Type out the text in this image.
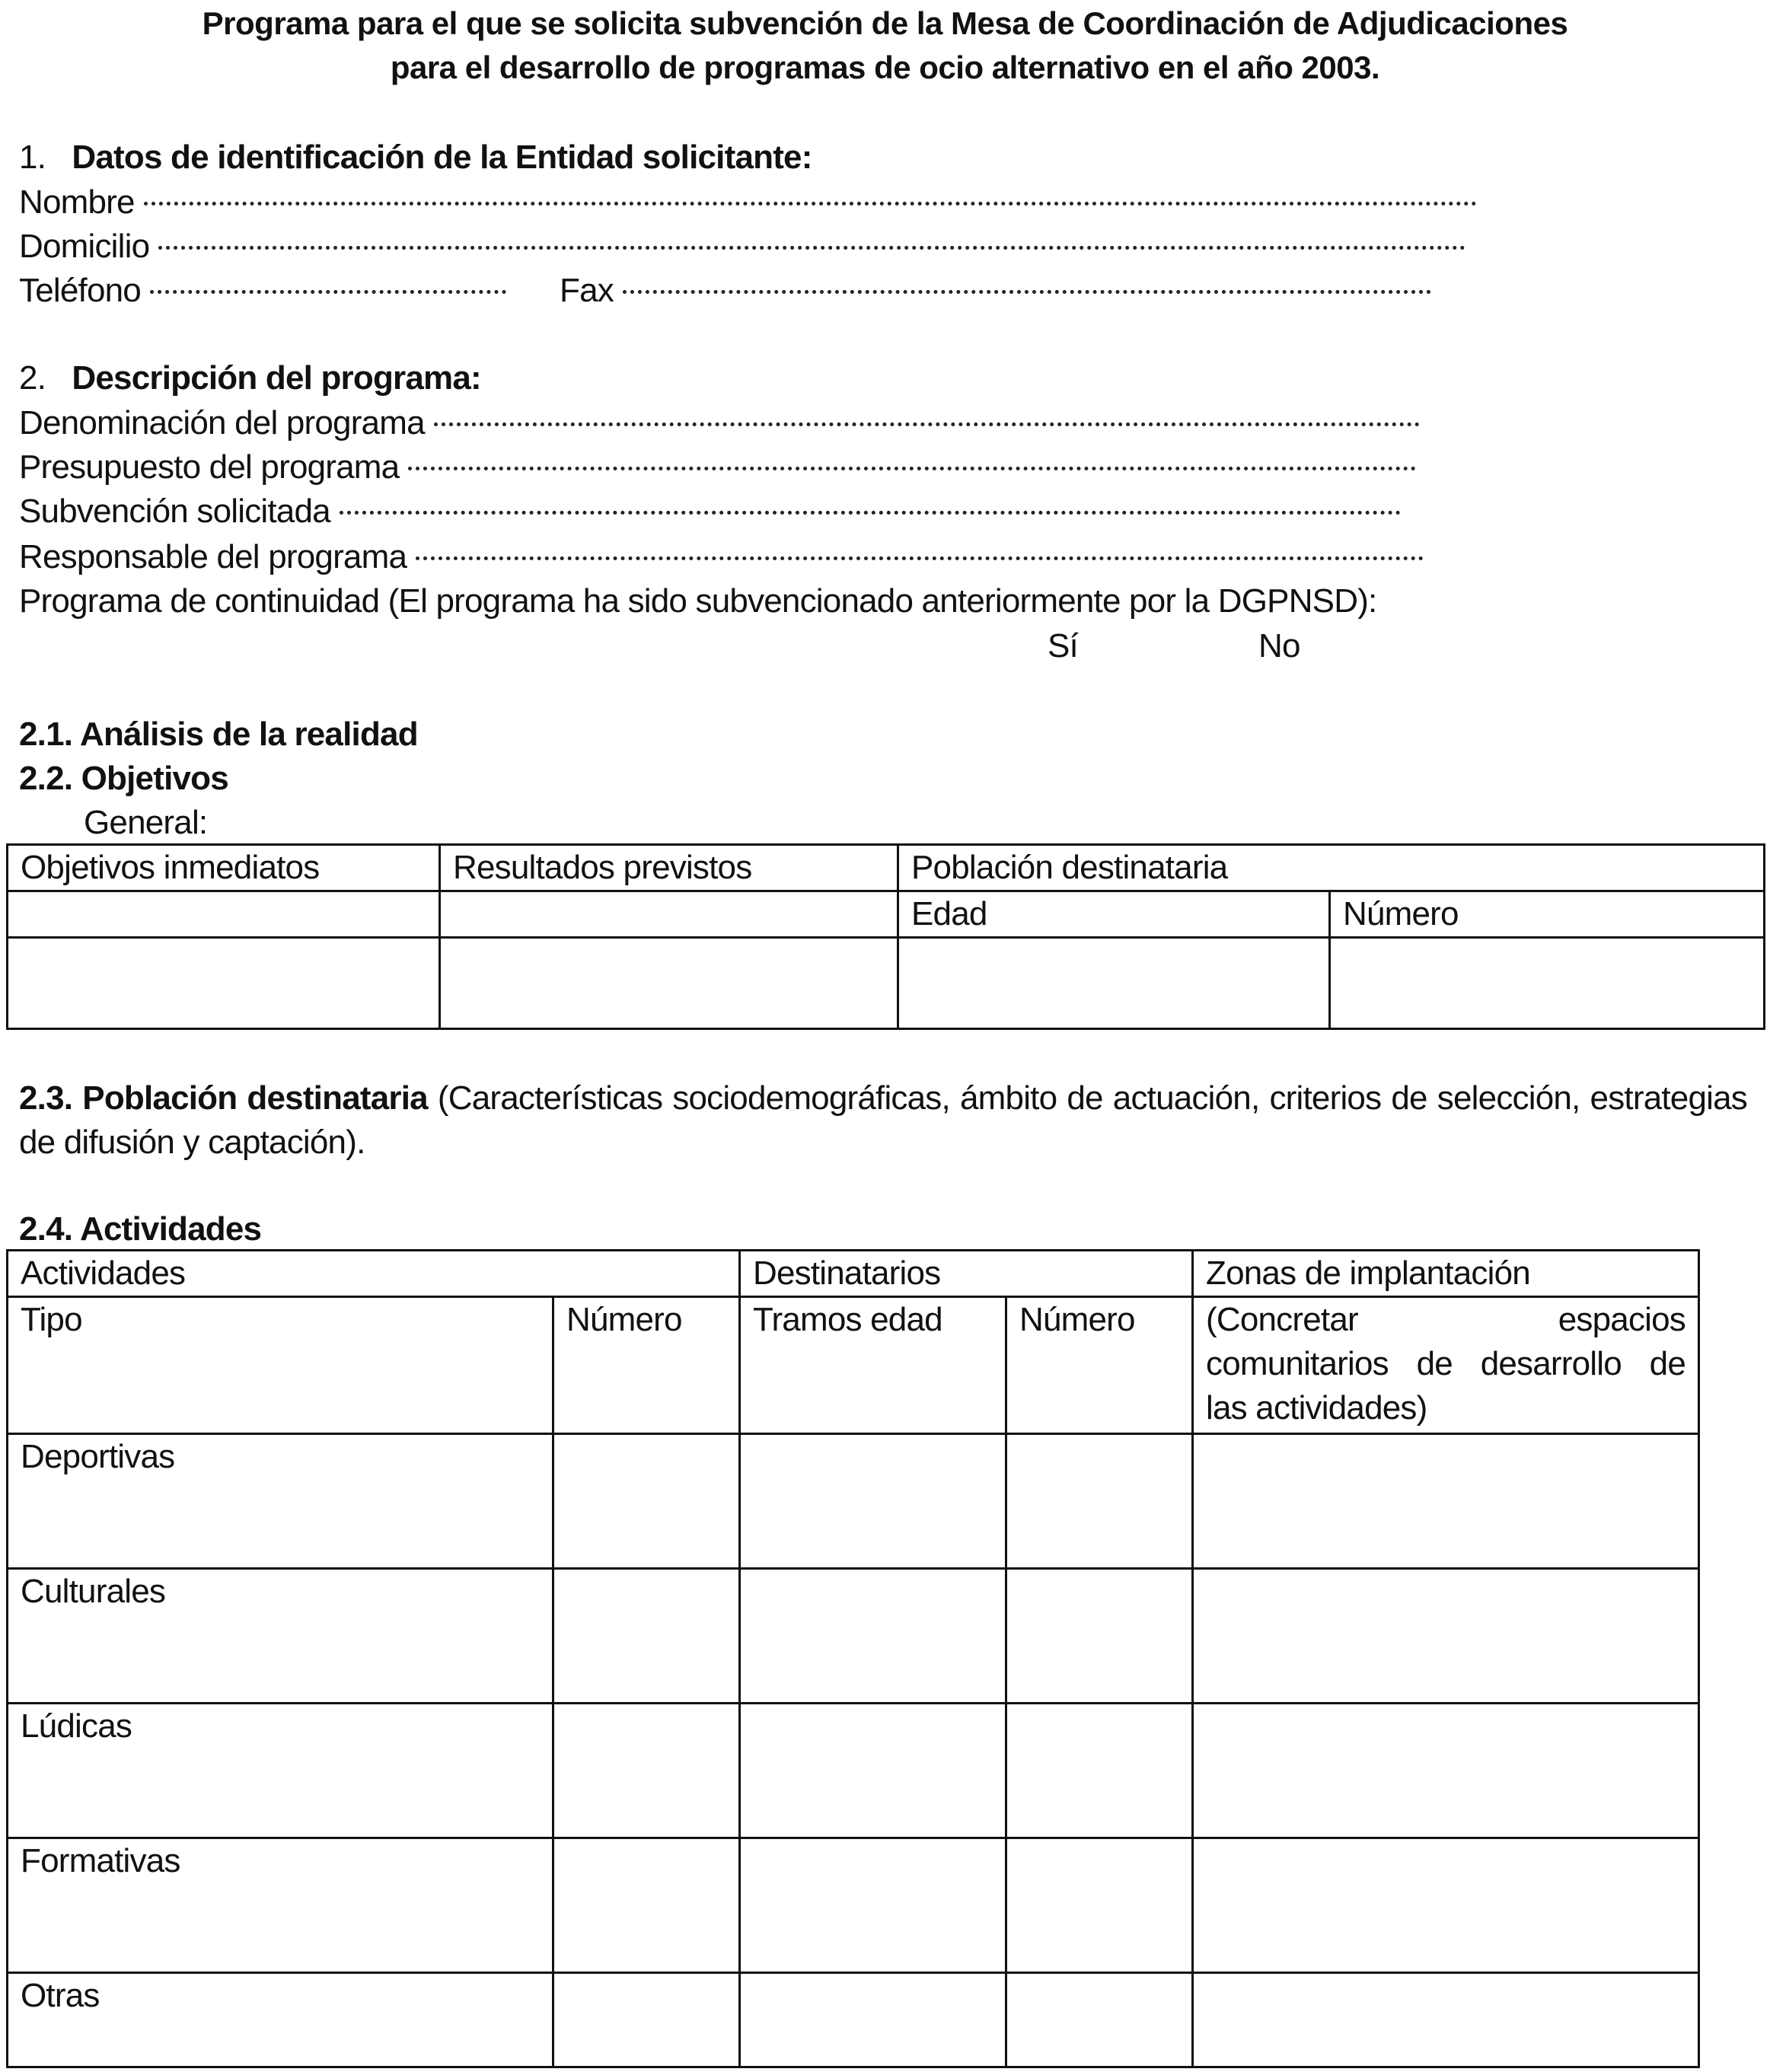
Programa para el que se solicita subvención de la Mesa de Coordinación de Adjudicaciones
para el desarrollo de programas de ocio alternativo en el año 2003.
1. Datos de identificación de la Entidad solicitante:
Nombre
Domicilio
Teléfono	Fax
2. Descripción del programa:
Denominación del programa
Presupuesto del programa
Subvención solicitada
Responsable del programa
Programa de continuidad (El programa ha sido subvencionado anteriormente por la DGPNSD):
Sí	No
2.1. Análisis de la realidad
2.2. Objetivos
General:
Objetivos inmediatos	Resultados previstos	Población destinataria	
		Edad	Número

2.3. Población destinataria (Características sociodemográficas, ámbito de actuación, criterios de selección, estrategias de difusión y captación).
2.4. Actividades
Actividades		Destinatarios		Zonas de implantación
Tipo	Número	Tramos edad	Número	(Concretar espacios
comunitarios de desarrollo de
las actividades)

Deportivas				
Culturales				
Lúdicas				
Formativas				
Otras				
